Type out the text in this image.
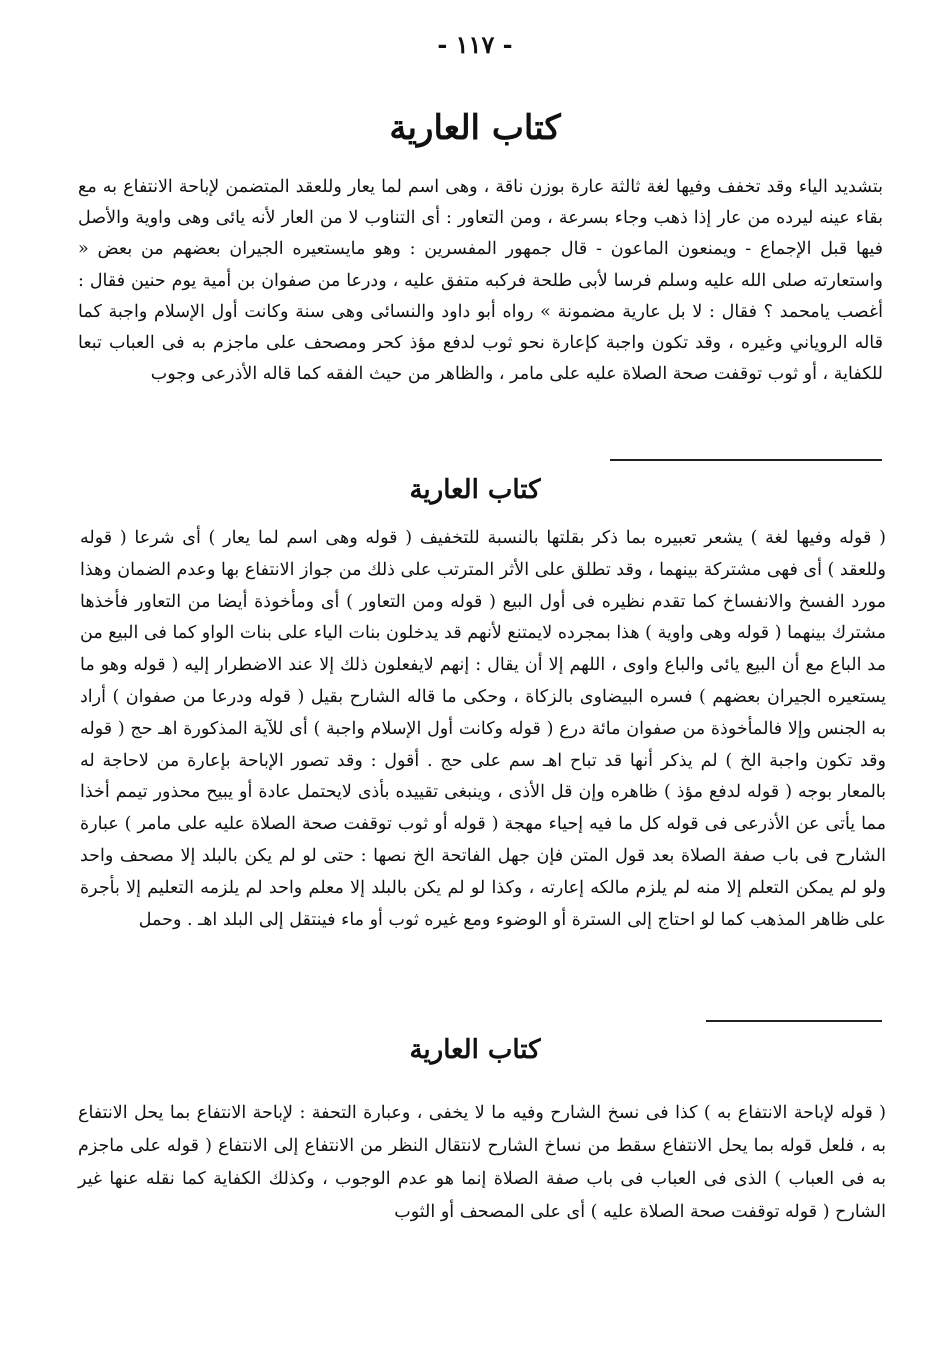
- ١١٧ -
كتاب العارية

بتشديد الياء وقد تخفف وفيها لغة ثالثة عارة بوزن ناقة ، وهى اسم لما يعار وللعقد المتضمن لإباحة الانتفاع به مع بقاء عينه ليرده من عار إذا ذهب وجاء بسرعة ، ومن التعاور : أى التناوب لا من العار لأنه يائى وهى واوية والأصل فيها قبل الإجماع - ويمنعون الماعون - قال جمهور المفسرين : وهو مايستعيره الجيران بعضهم من بعض « واستعارته صلى الله عليه وسلم فرسا لأبى طلحة فركبه متفق عليه ، ودرعا من صفوان بن أمية يوم حنين فقال : أغصب يامحمد ؟ فقال : لا بل عارية مضمونة » رواه أبو داود والنسائى وهى سنة وكانت أول الإسلام واجبة كما قاله الروياني وغيره ، وقد تكون واجبة كإعارة نحو ثوب لدفع مؤذ كحر ومصحف على ماجزم به فى العباب تبعا للكفاية ، أو ثوب توقفت صحة الصلاة عليه على مامر ، والظاهر من حيث الفقه كما قاله الأذرعى وجوب

كتاب العارية

( قوله وفيها لغة ) يشعر تعبيره بما ذكر بقلتها بالنسبة للتخفيف ( قوله وهى اسم لما يعار ) أى شرعا ( قوله وللعقد ) أى فهى مشتركة بينهما ، وقد تطلق على الأثر المترتب على ذلك من جواز الانتفاع بها وعدم الضمان وهذا مورد الفسخ والانفساخ كما تقدم نظيره فى أول البيع ( قوله ومن التعاور ) أى ومأخوذة أيضا من التعاور فأخذها مشترك بينهما ( قوله وهى واوية ) هذا بمجرده لايمتنع لأنهم قد يدخلون بنات الياء على بنات الواو كما فى البيع من مد الباع مع أن البيع يائى والباع واوى ، اللهم إلا أن يقال : إنهم لايفعلون ذلك إلا عند الاضطرار إليه ( قوله وهو ما يستعيره الجيران بعضهم ) فسره البيضاوى بالزكاة ، وحكى ما قاله الشارح بقيل ( قوله ودرعا من صفوان ) أراد به الجنس وإلا فالمأخوذة من صفوان مائة درع ( قوله وكانت أول الإسلام واجبة ) أى للآية المذكورة اهـ حج ( قوله وقد تكون واجبة الخ ) لم يذكر أنها قد تباح اهـ سم على حج . أقول : وقد تصور الإباحة بإعارة من لاحاجة له بالمعار بوجه ( قوله لدفع مؤذ ) ظاهره وإن قل الأذى ، وينبغى تقييده بأذى لايحتمل عادة أو يبيح محذور تيمم أخذا مما يأتى عن الأذرعى فى قوله كل ما فيه إحياء مهجة ( قوله أو ثوب توقفت صحة الصلاة عليه على مامر ) عبارة الشارح فى باب صفة الصلاة بعد قول المتن فإن جهل الفاتحة الخ نصها : حتى لو لم يكن بالبلد إلا مصحف واحد ولو لم يمكن التعلم إلا منه لم يلزم مالكه إعارته ، وكذا لو لم يكن بالبلد إلا معلم واحد لم يلزمه التعليم إلا بأجرة على ظاهر المذهب كما لو احتاج إلى السترة أو الوضوء ومع غيره ثوب أو ماء فينتقل إلى البلد اهـ . وحمل

كتاب العارية

( قوله لإباحة الانتفاع به ) كذا فى نسخ الشارح وفيه ما لا يخفى ، وعبارة التحفة : لإباحة الانتفاع بما يحل الانتفاع به ، فلعل قوله بما يحل الانتفاع سقط من نساخ الشارح لانتقال النظر من الانتفاع إلى الانتفاع ( قوله على ماجزم به فى العباب ) الذى فى العباب فى باب صفة الصلاة إنما هو عدم الوجوب ، وكذلك الكفاية كما نقله عنها غير الشارح ( قوله توقفت صحة الصلاة عليه ) أى على المصحف أو الثوب
